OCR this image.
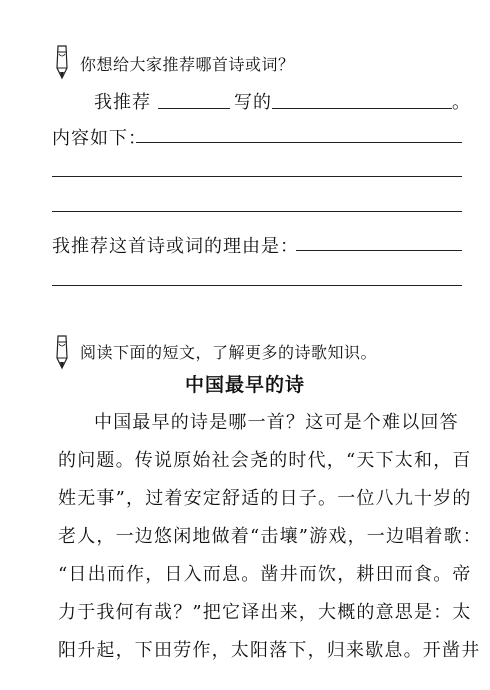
你想给大家推荐哪首诗或词？
我推荐	写的	。
内容如下：
我推荐这首诗或词的理由是：
阅读下面的短文，了解更多的诗歌知识。
中国最早的诗
中国最早的诗是哪一首？这可是个难以回答
的问题。传说原始社会尧的时代，“天下太和，百
姓无事”，过着安定舒适的日子。一位八九十岁的
老人，一边悠闲地做着“击壤”游戏，一边唱着歌：
“日出而作，日入而息。凿井而饮，耕田而食。帝
力于我何有哉？”把它译出来，大概的意思是：太
阳升起，下田劳作，太阳落下，归来歇息。开凿井
